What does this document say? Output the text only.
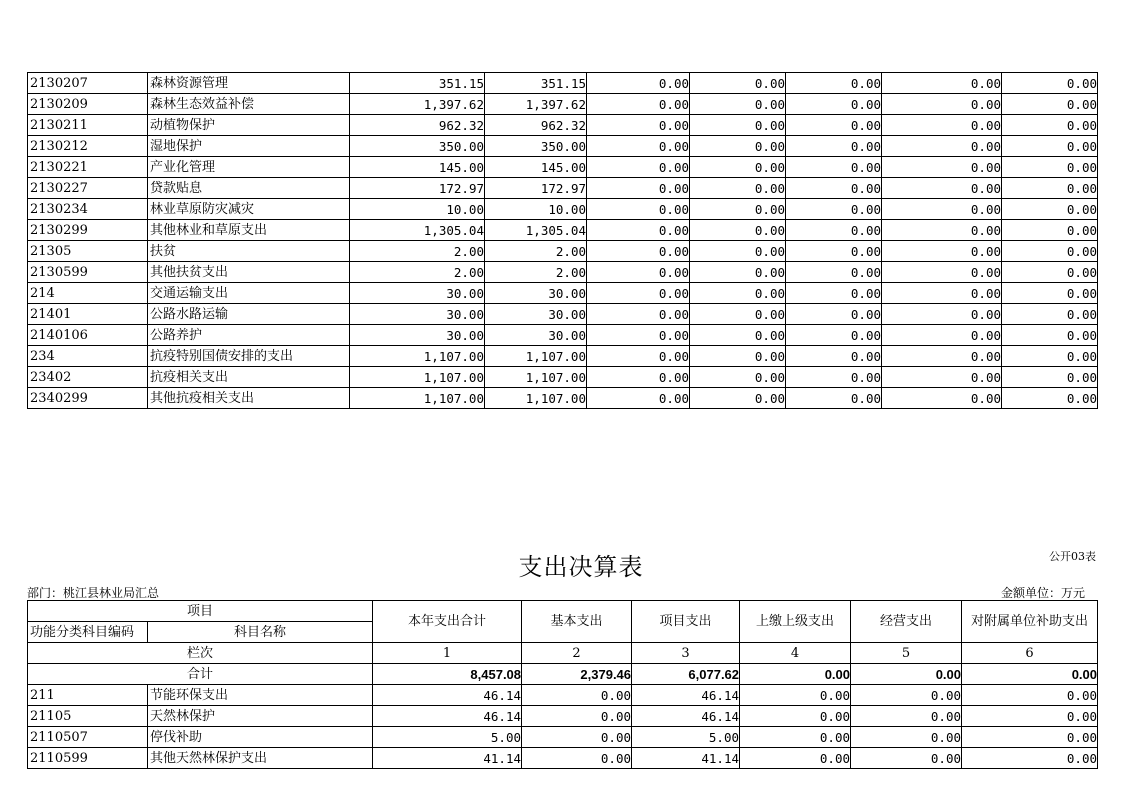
2130207	森林资源管理	351.15	351.15	0.00	0.00	0.00	0.00	0.00
2130209	森林生态效益补偿	1,397.62	1,397.62	0.00	0.00	0.00	0.00	0.00
2130211	动植物保护	962.32	962.32	0.00	0.00	0.00	0.00	0.00
2130212	湿地保护	350.00	350.00	0.00	0.00	0.00	0.00	0.00
2130221	产业化管理	145.00	145.00	0.00	0.00	0.00	0.00	0.00
2130227	贷款贴息	172.97	172.97	0.00	0.00	0.00	0.00	0.00
2130234	林业草原防灾减灾	10.00	10.00	0.00	0.00	0.00	0.00	0.00
2130299	其他林业和草原支出	1,305.04	1,305.04	0.00	0.00	0.00	0.00	0.00
21305	扶贫	2.00	2.00	0.00	0.00	0.00	0.00	0.00
2130599	其他扶贫支出	2.00	2.00	0.00	0.00	0.00	0.00	0.00
214	交通运输支出	30.00	30.00	0.00	0.00	0.00	0.00	0.00
21401	公路水路运输	30.00	30.00	0.00	0.00	0.00	0.00	0.00
2140106	公路养护	30.00	30.00	0.00	0.00	0.00	0.00	0.00
234	抗疫特别国债安排的支出	1,107.00	1,107.00	0.00	0.00	0.00	0.00	0.00
23402	抗疫相关支出	1,107.00	1,107.00	0.00	0.00	0.00	0.00	0.00
2340299	其他抗疫相关支出	1,107.00	1,107.00	0.00	0.00	0.00	0.00	0.00
支出决算表	公开03表
部门：桃江县林业局汇总	金额单位：万元
项目		本年支出合计	基本支出	项目支出	上缴上级支出	经营支出	对附属单位补助支出
功能分类科目编码	科目名称						
栏次		1	2	3	4	5	6
合计		8,457.08	2,379.46	6,077.62	0.00	0.00	0.00
211	节能环保支出	46.14	0.00	46.14	0.00	0.00	0.00
21105	天然林保护	46.14	0.00	46.14	0.00	0.00	0.00
2110507	停伐补助	5.00	0.00	5.00	0.00	0.00	0.00
2110599	其他天然林保护支出	41.14	0.00	41.14	0.00	0.00	0.00
